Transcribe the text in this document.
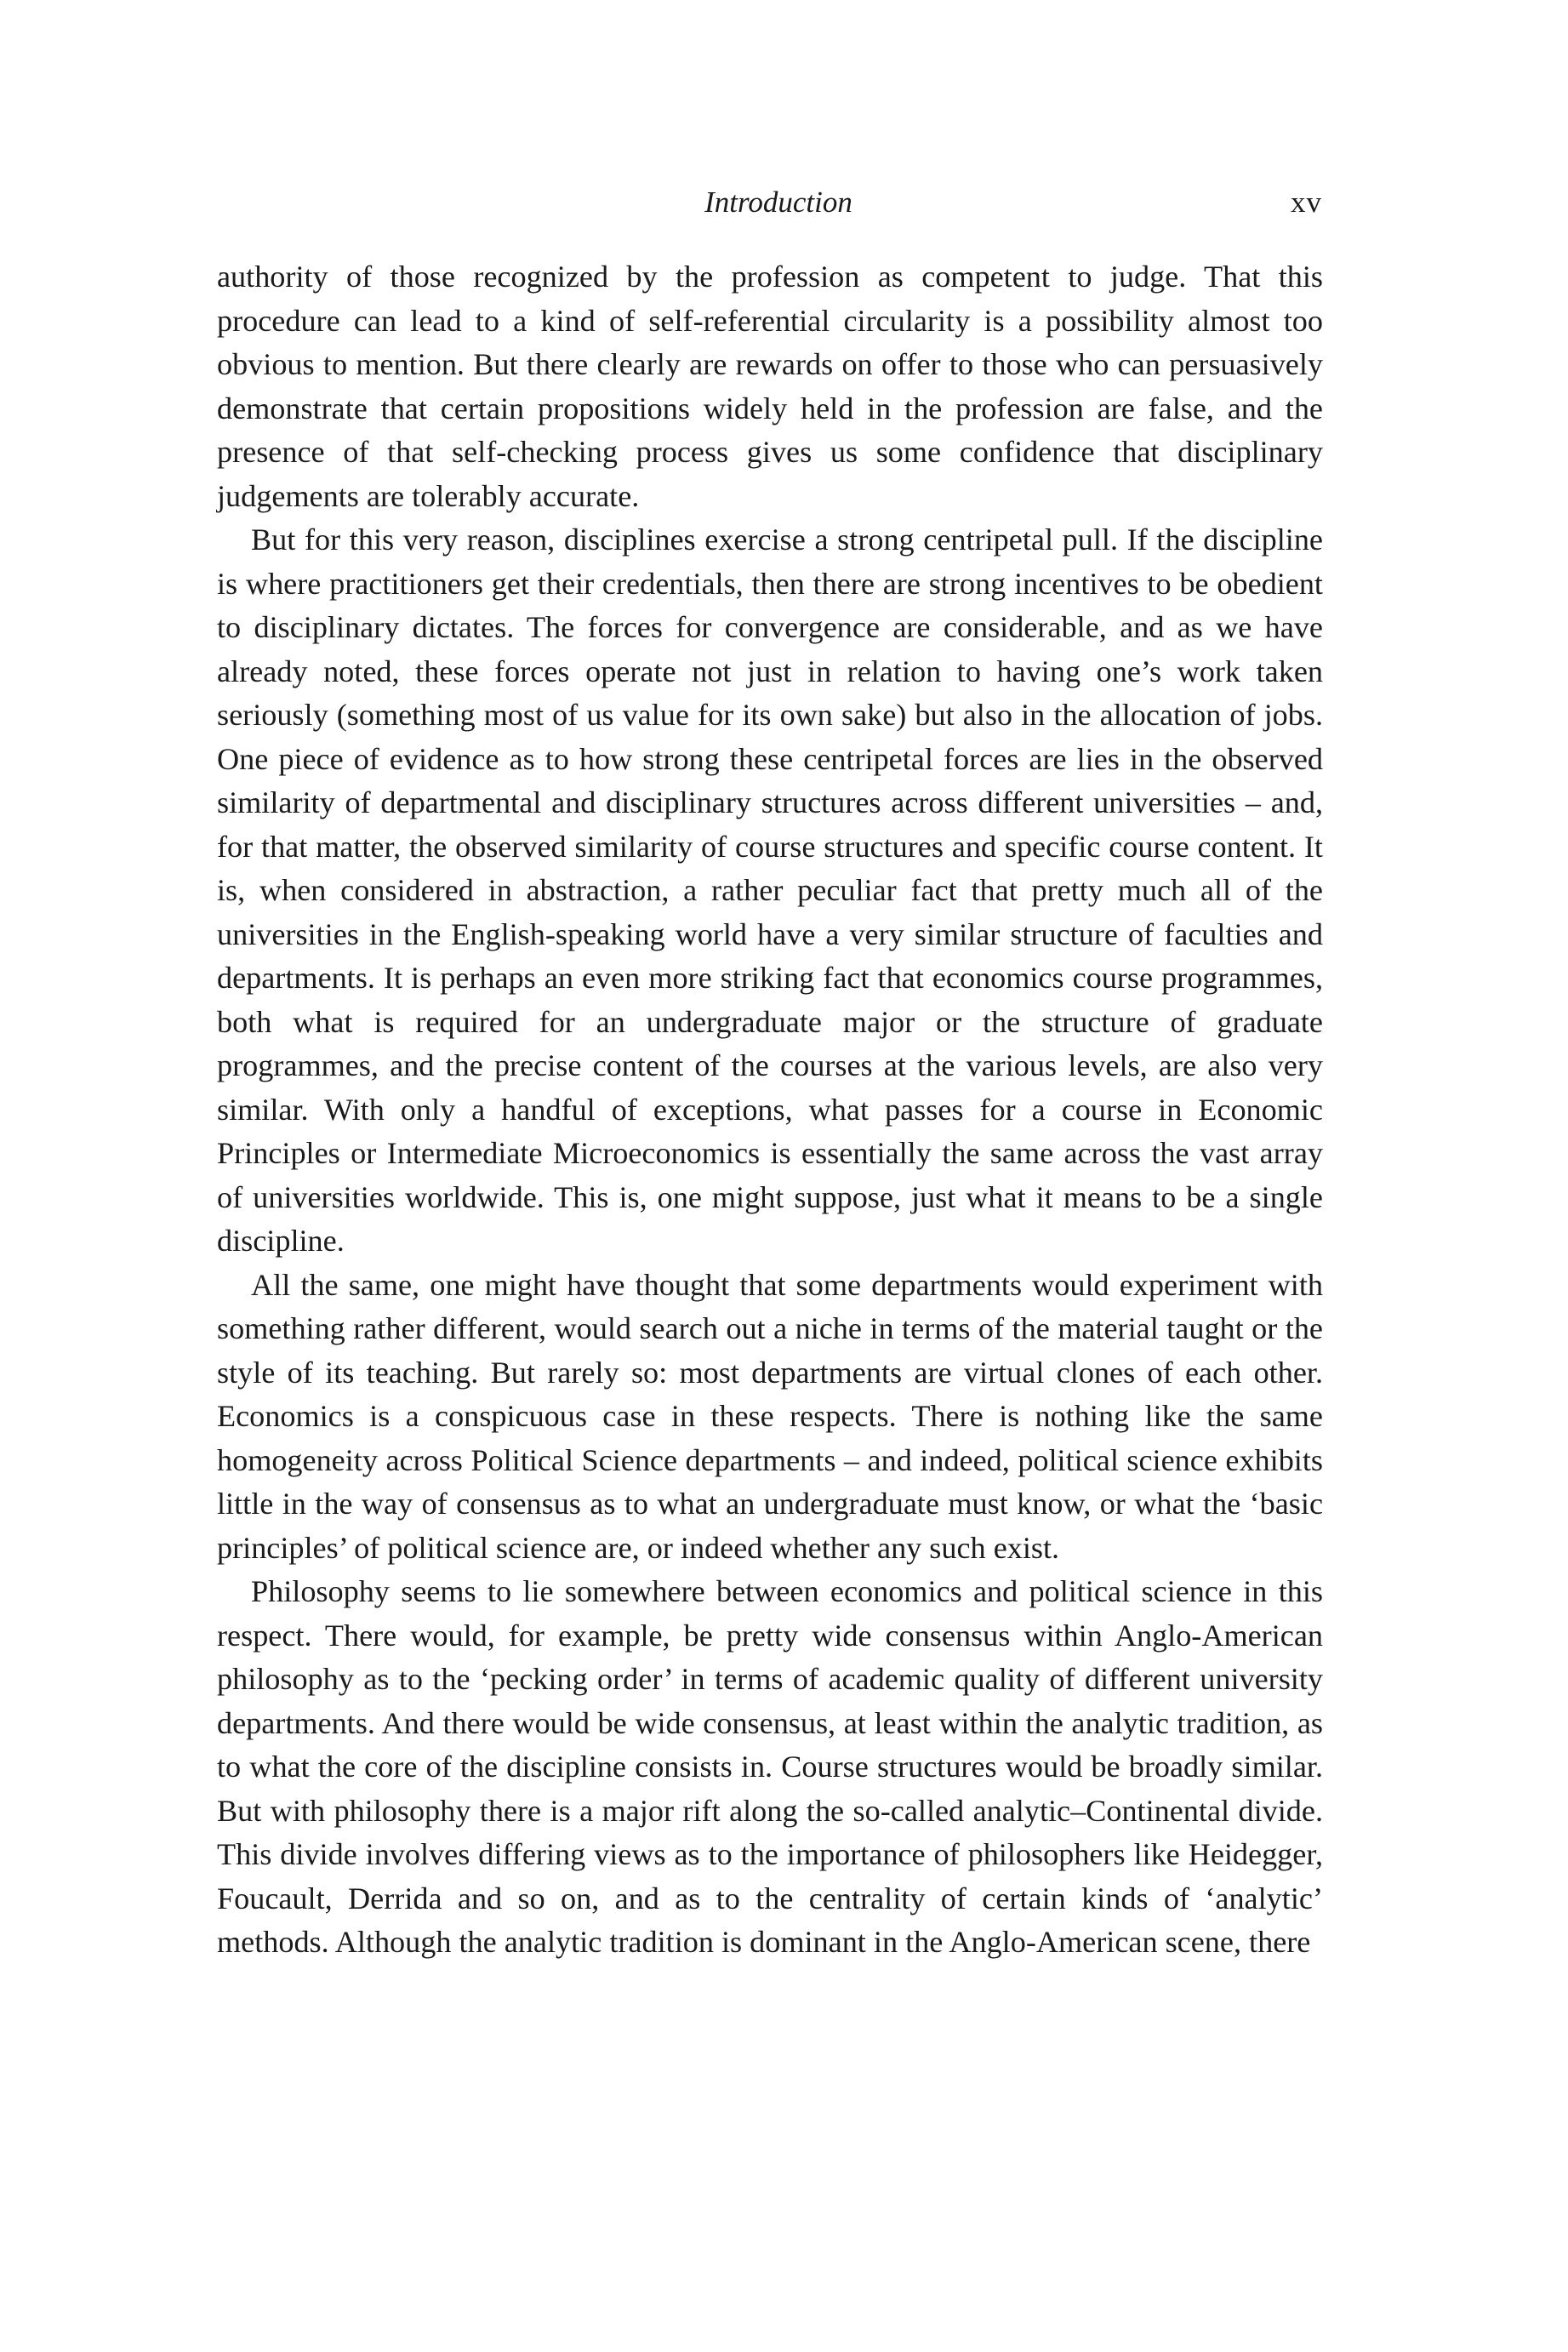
Introduction	xv

authority of those recognized by the profession as competent to judge. That this procedure can lead to a kind of self-referential circularity is a possibility almost too obvious to mention. But there clearly are rewards on offer to those who can persuasively demonstrate that certain propositions widely held in the profession are false, and the presence of that self-checking process gives us some confidence that disciplinary judgements are tolerably accurate.

But for this very reason, disciplines exercise a strong centripetal pull. If the discipline is where practitioners get their credentials, then there are strong incentives to be obedient to disciplinary dictates. The forces for convergence are considerable, and as we have already noted, these forces operate not just in relation to having one’s work taken seriously (something most of us value for its own sake) but also in the allocation of jobs. One piece of evidence as to how strong these centripetal forces are lies in the observed similarity of departmental and disciplinary structures across different universities – and, for that matter, the observed similarity of course structures and specific course content. It is, when considered in abstraction, a rather peculiar fact that pretty much all of the universities in the English-speaking world have a very similar structure of faculties and departments. It is perhaps an even more striking fact that economics course programmes, both what is required for an undergraduate major or the structure of graduate programmes, and the precise content of the courses at the various levels, are also very similar. With only a handful of exceptions, what passes for a course in Economic Principles or Intermediate Microeconomics is essentially the same across the vast array of universities worldwide. This is, one might suppose, just what it means to be a single discipline.

All the same, one might have thought that some departments would experiment with something rather different, would search out a niche in terms of the material taught or the style of its teaching. But rarely so: most departments are virtual clones of each other. Economics is a conspicuous case in these respects. There is nothing like the same homogeneity across Political Science departments – and indeed, political science exhibits little in the way of consensus as to what an undergraduate must know, or what the ‘basic principles’ of political science are, or indeed whether any such exist.

Philosophy seems to lie somewhere between economics and political science in this respect. There would, for example, be pretty wide consensus within Anglo-American philosophy as to the ‘pecking order’ in terms of academic quality of different university departments. And there would be wide consensus, at least within the analytic tradition, as to what the core of the discipline consists in. Course structures would be broadly similar. But with philosophy there is a major rift along the so-called analytic–Continental divide. This divide involves differing views as to the importance of philosophers like Heidegger, Foucault, Derrida and so on, and as to the centrality of certain kinds of ‘analytic’ methods. Although the analytic tradition is dominant in the Anglo-American scene, there
